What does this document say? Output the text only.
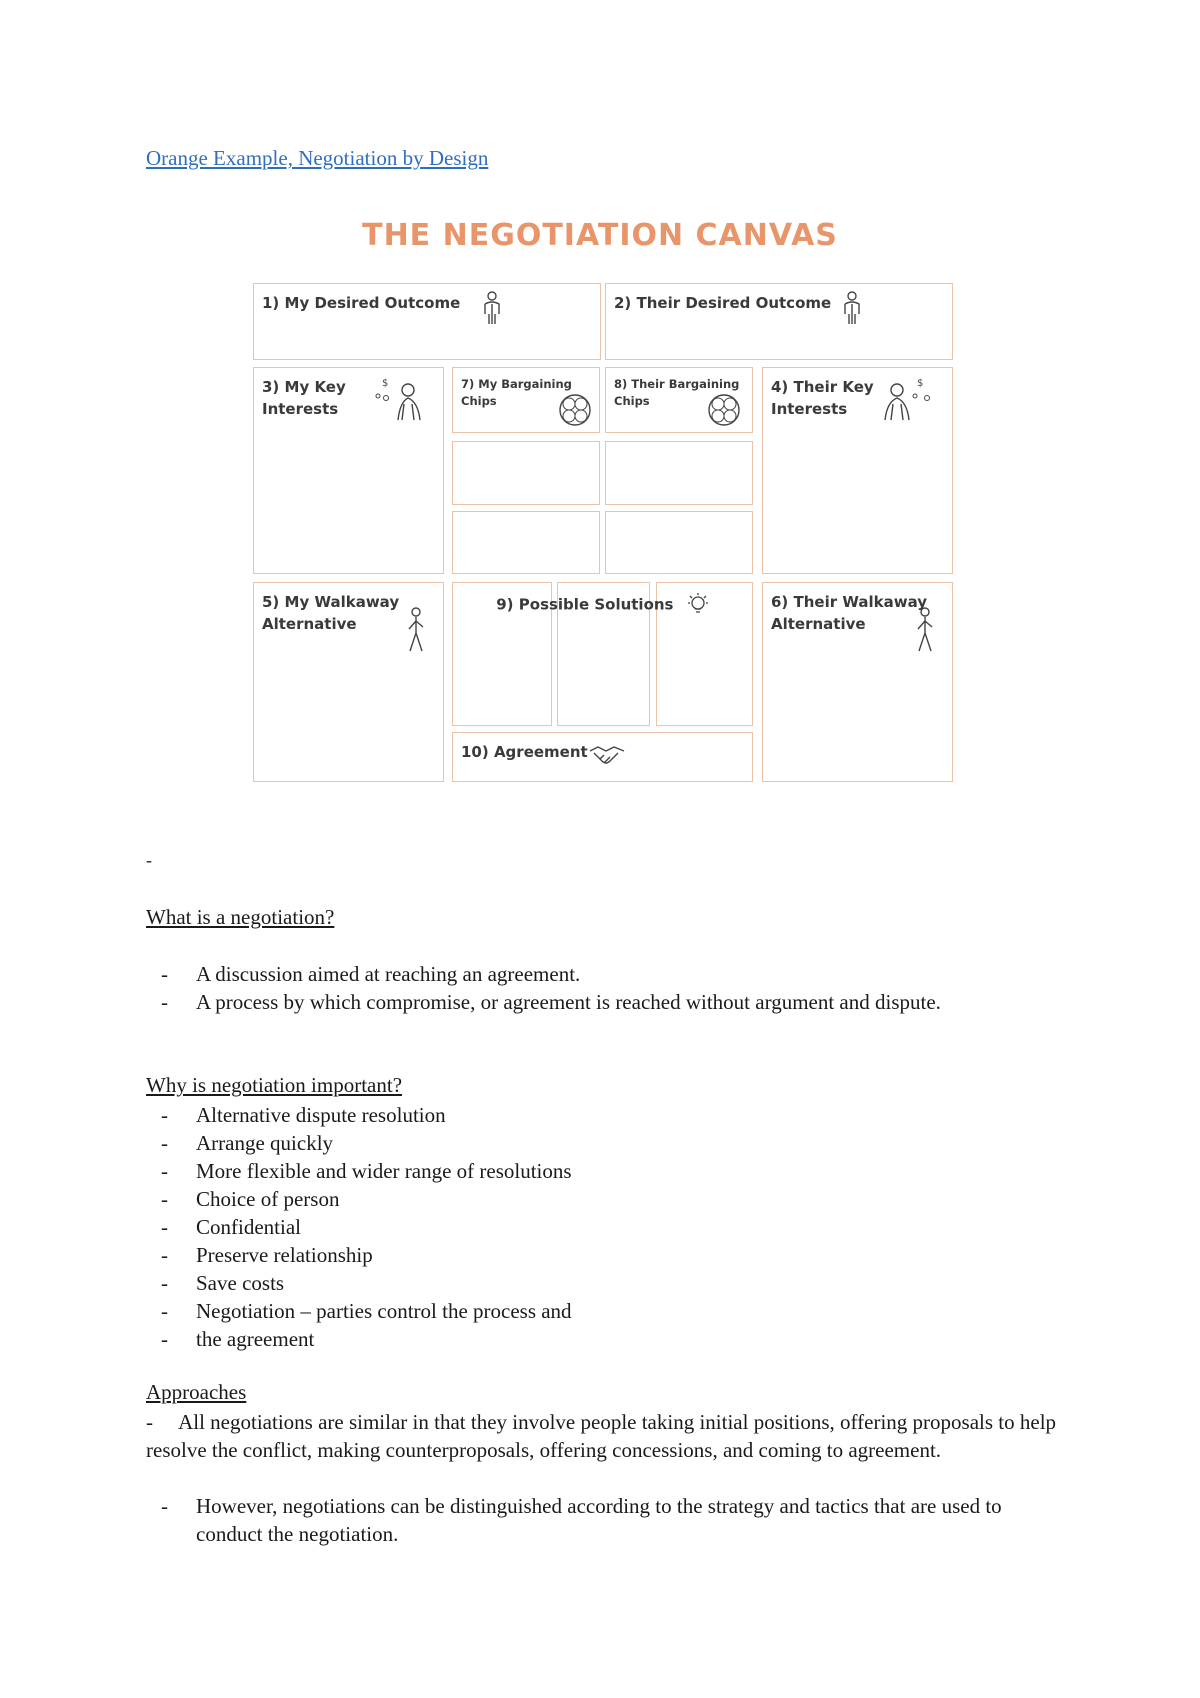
Orange Example, Negotiation by Design
THE NEGOTIATION CANVAS
1) My Desired Outcome	2) Their Desired Outcome
3) My Key
Interests
$	7) My Bargaining
Chips
8) Their Bargaining
Chips
4) Their Key
Interests
$
5) My Walkaway
Alternative
9) Possible Solutions
10) Agreement
6) Their Walkaway
Alternative
-
What is a negotiation?
- A discussion aimed at reaching an agreement.
- A process by which compromise, or agreement is reached without argument and dispute.
Why is negotiation important?
- Alternative dispute resolution
- Arrange quickly
- More flexible and wider range of resolutions
- Choice of person
- Confidential
- Preserve relationship
- Save costs
- Negotiation – parties control the process and
- the agreement
Approaches
-     All negotiations are similar in that they involve people taking initial positions, offering proposals to help resolve the conflict, making counterproposals, offering concessions, and coming to agreement.
- However, negotiations can be distinguished according to the strategy and tactics that are used to conduct the negotiation.
